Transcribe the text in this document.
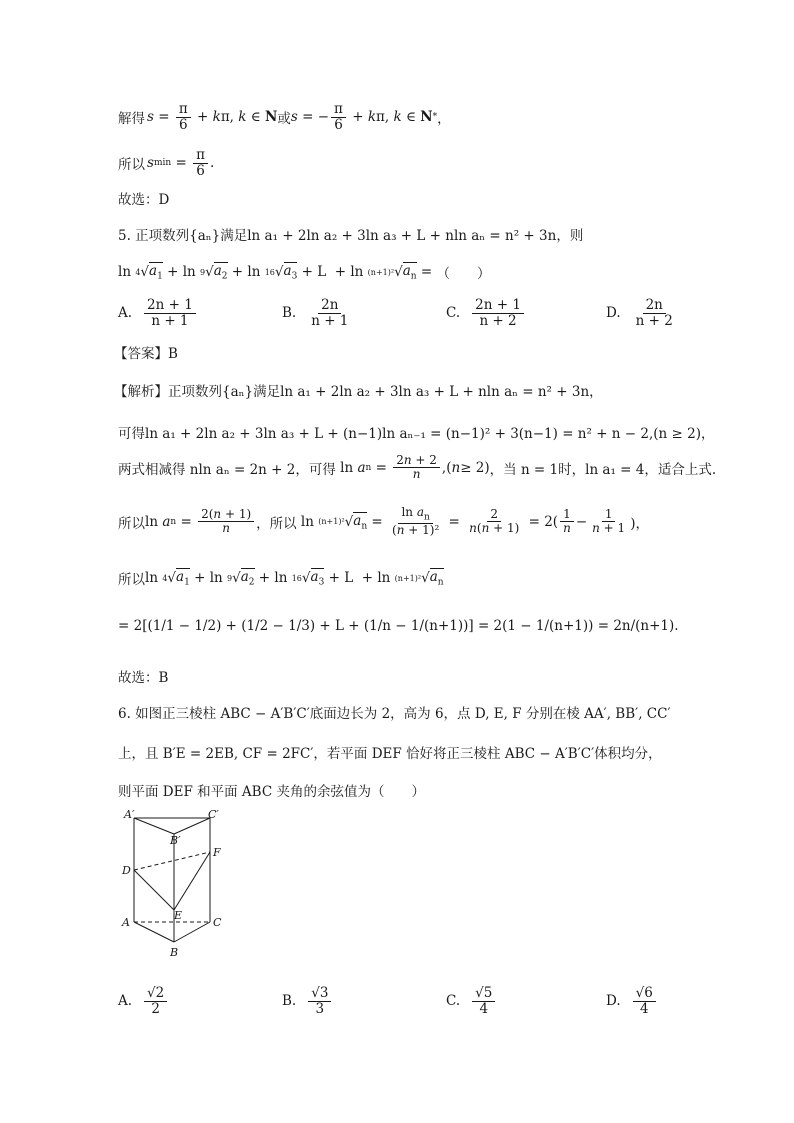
解得 $s = \frac{\pi}{6} + k$ π, k ∈ N 或 s = − $\frac{\pi}{6} + k$ π, k ∈ N * ，
所以 s $\min = \frac{\pi}{6}$ .
故选：D
5. 正项数列{aₙ}满足ln a₁ + 2ln a₂ + 3ln a₃ + L + nln aₙ = n² + 3n，则
ln 4 √ $a_1 + \ln 9$ √ $a_2 + \ln 16$ √ $a_3 + L + \ln (n+1)^2$ √ $a_n$ = （　　）
A. $\frac{2n + 1}{n + 1}$	B. $\frac{2n}{n + 1}$	C. $\frac{2n + 1}{n + 2}$	D. $\frac{2n}{n + 2}$
【答案】B
【解析】正项数列{aₙ}满足ln a₁ + 2ln a₂ + 3ln a₃ + L + nln aₙ = n² + 3n，
可得ln a₁ + 2ln a₂ + 3ln a₃ + L + (n−1)ln aₙ₋₁ = (n−1)² + 3(n−1) = n² + n − 2,(n ≥ 2)，
两式相减得 nln aₙ = 2n + 2，可得 ln a $n = \frac{2n + 2}{n}$ ,( n ≥ 2) ，当 n = 1时，ln a₁ = 4，适合上式.
所以 ln a $n = \frac{2(n + 1)}{n}$ ，所以 ln (n+1)² √ $a_n = \frac{\ln a_n}{\text{(n + 1)²}} = \frac{2}{n(n + 1)} = 2( \frac{1}{n} - \frac{1}{n + 1}$ )，
所以 ln 4 √ $a_1 + \ln 9$ √ $a_2 + \ln 16$ √ $a_3 + L + \ln (n+1)^2$ √ $a_n$
= 2[(1/1 − 1/2) + (1/2 − 1/3) + L + (1/n − 1/(n+1))] = 2(1 − 1/(n+1)) = 2n/(n+1).
故选：B
6. 如图正三棱柱 ABC − A′B′C′底面边长为 2，高为 6，点 D, E, F 分别在棱 AA′, BB′, CC′
上，且 B′E = 2EB, CF = 2FC′，若平面 DEF 恰好将正三棱柱 ABC − A′B′C′体积均分，
则平面 DEF 和平面 ABC 夹角的余弦值为（　　）
A′	C′
B′
F
D
E
A	C
B
A. $\frac{√2}{2}$	B. $\frac{√3}{3}$	C. $\frac{√5}{4}$	D. $\frac{√6}{4}$
